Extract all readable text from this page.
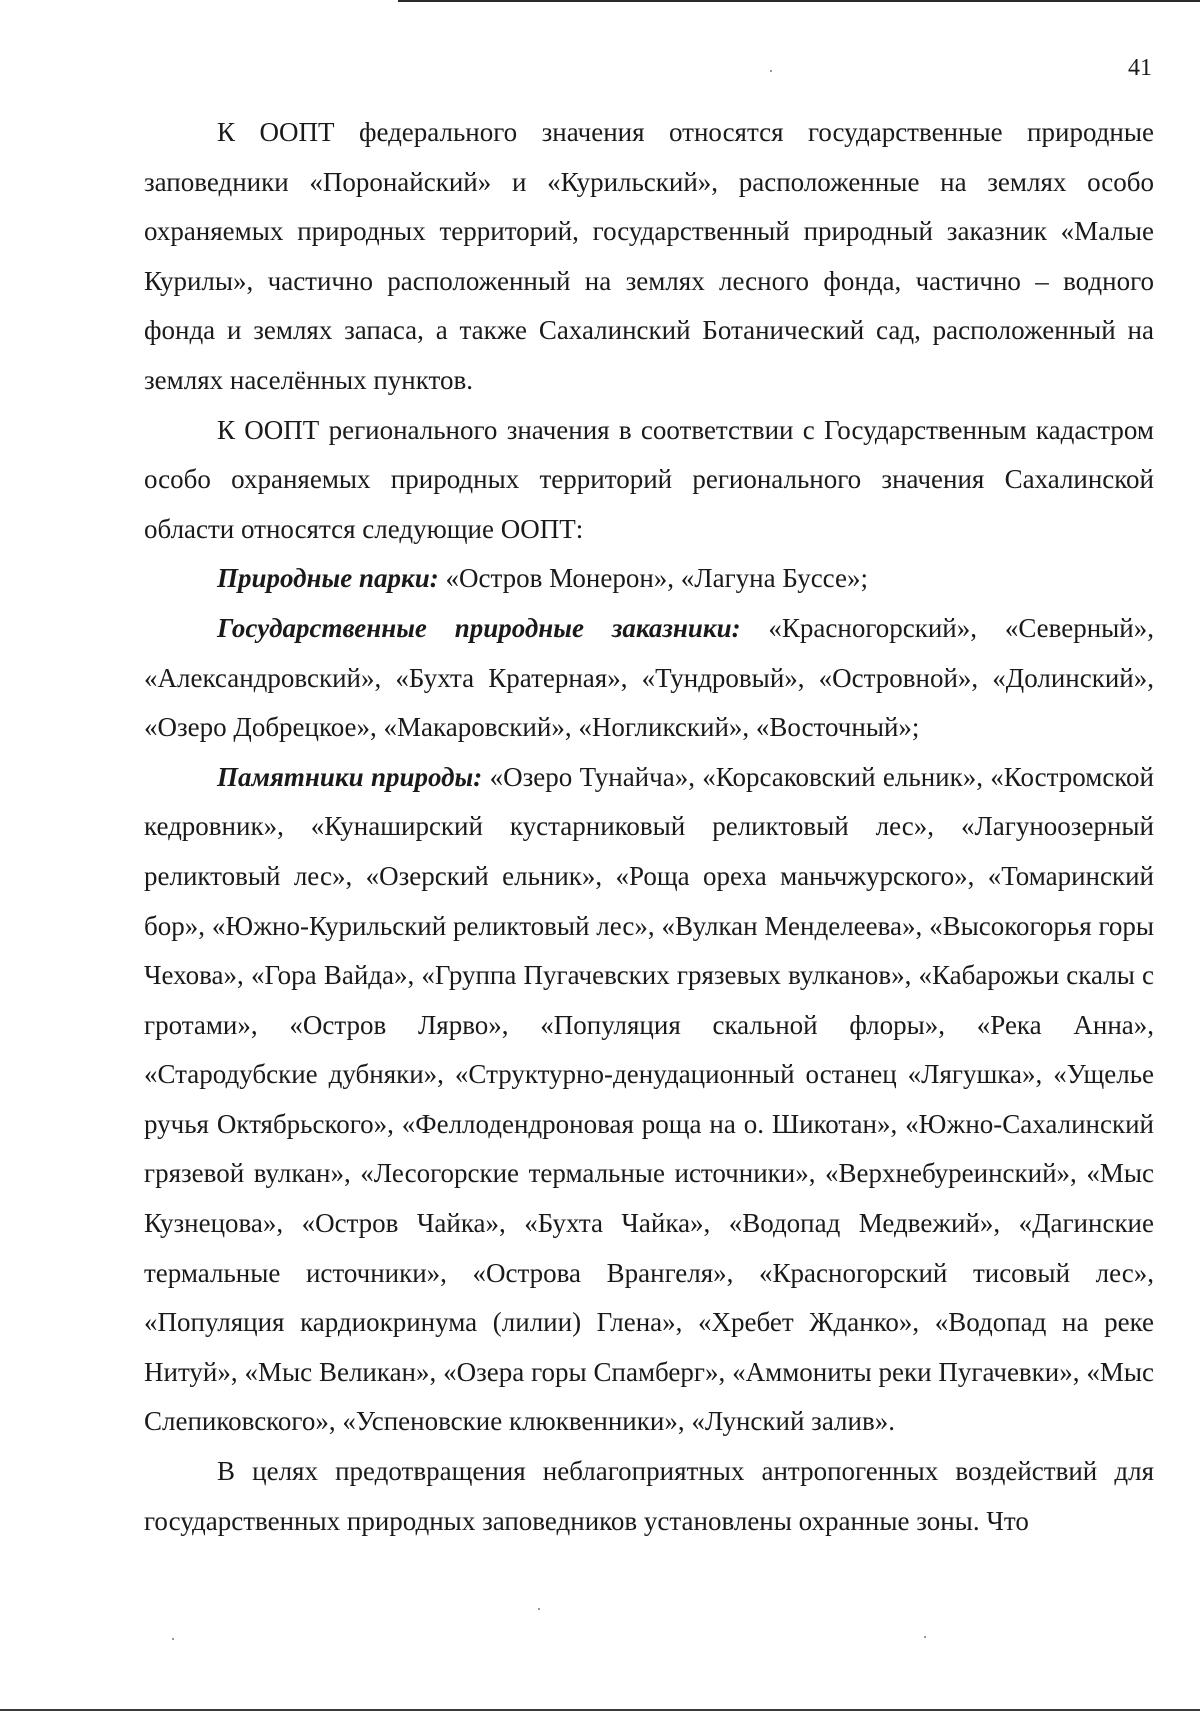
41

К ООПТ федерального значения относятся государственные природные заповедники «Поронайский» и «Курильский», расположенные на землях особо охраняемых природных территорий, государственный природный заказник «Малые Курилы», частично расположенный на землях лесного фонда, частично – водного фонда и землях запаса, а также Сахалинский Ботанический сад, расположенный на землях населённых пунктов.

К ООПТ регионального значения в соответствии с Государственным кадастром особо охраняемых природных территорий регионального значения Сахалинской области относятся следующие ООПТ:

Природные парки: «Остров Монерон», «Лагуна Буссе»;

Государственные природные заказники: «Красногорский», «Северный», «Александровский», «Бухта Кратерная», «Тундровый», «Островной», «Долинский», «Озеро Добрецкое», «Макаровский», «Ногликский», «Восточный»;

Памятники природы: «Озеро Тунайча», «Корсаковский ельник», «Костромской кедровник», «Кунаширский кустарниковый реликтовый лес», «Лагуноозерный реликтовый лес», «Озерский ельник», «Роща ореха маньчжурского», «Томаринский бор», «Южно-Курильский реликтовый лес», «Вулкан Менделеева», «Высокогорья горы Чехова», «Гора Вайда», «Группа Пугачевских грязевых вулканов», «Кабарожьи скалы с гротами», «Остров Лярво», «Популяция скальной флоры», «Река Анна», «Стародубские дубняки», «Структурно-денудационный останец «Лягушка», «Ущелье ручья Октябрьского», «Феллодендроновая роща на о. Шикотан», «Южно-Сахалинский грязевой вулкан», «Лесогорские термальные источники», «Верхнебуреинский», «Мыс Кузнецова», «Остров Чайка», «Бухта Чайка», «Водопад Медвежий», «Дагинские термальные источники», «Острова Врангеля», «Красногорский тисовый лес», «Популяция кардиокринума (лилии) Глена», «Хребет Жданко», «Водопад на реке Нитуй», «Мыс Великан», «Озера горы Спамберг», «Аммониты реки Пугачевки», «Мыс Слепиковского», «Успеновские клюквенники», «Лунский залив».

В целях предотвращения неблагоприятных антропогенных воздействий для государственных природных заповедников установлены охранные зоны. Что
